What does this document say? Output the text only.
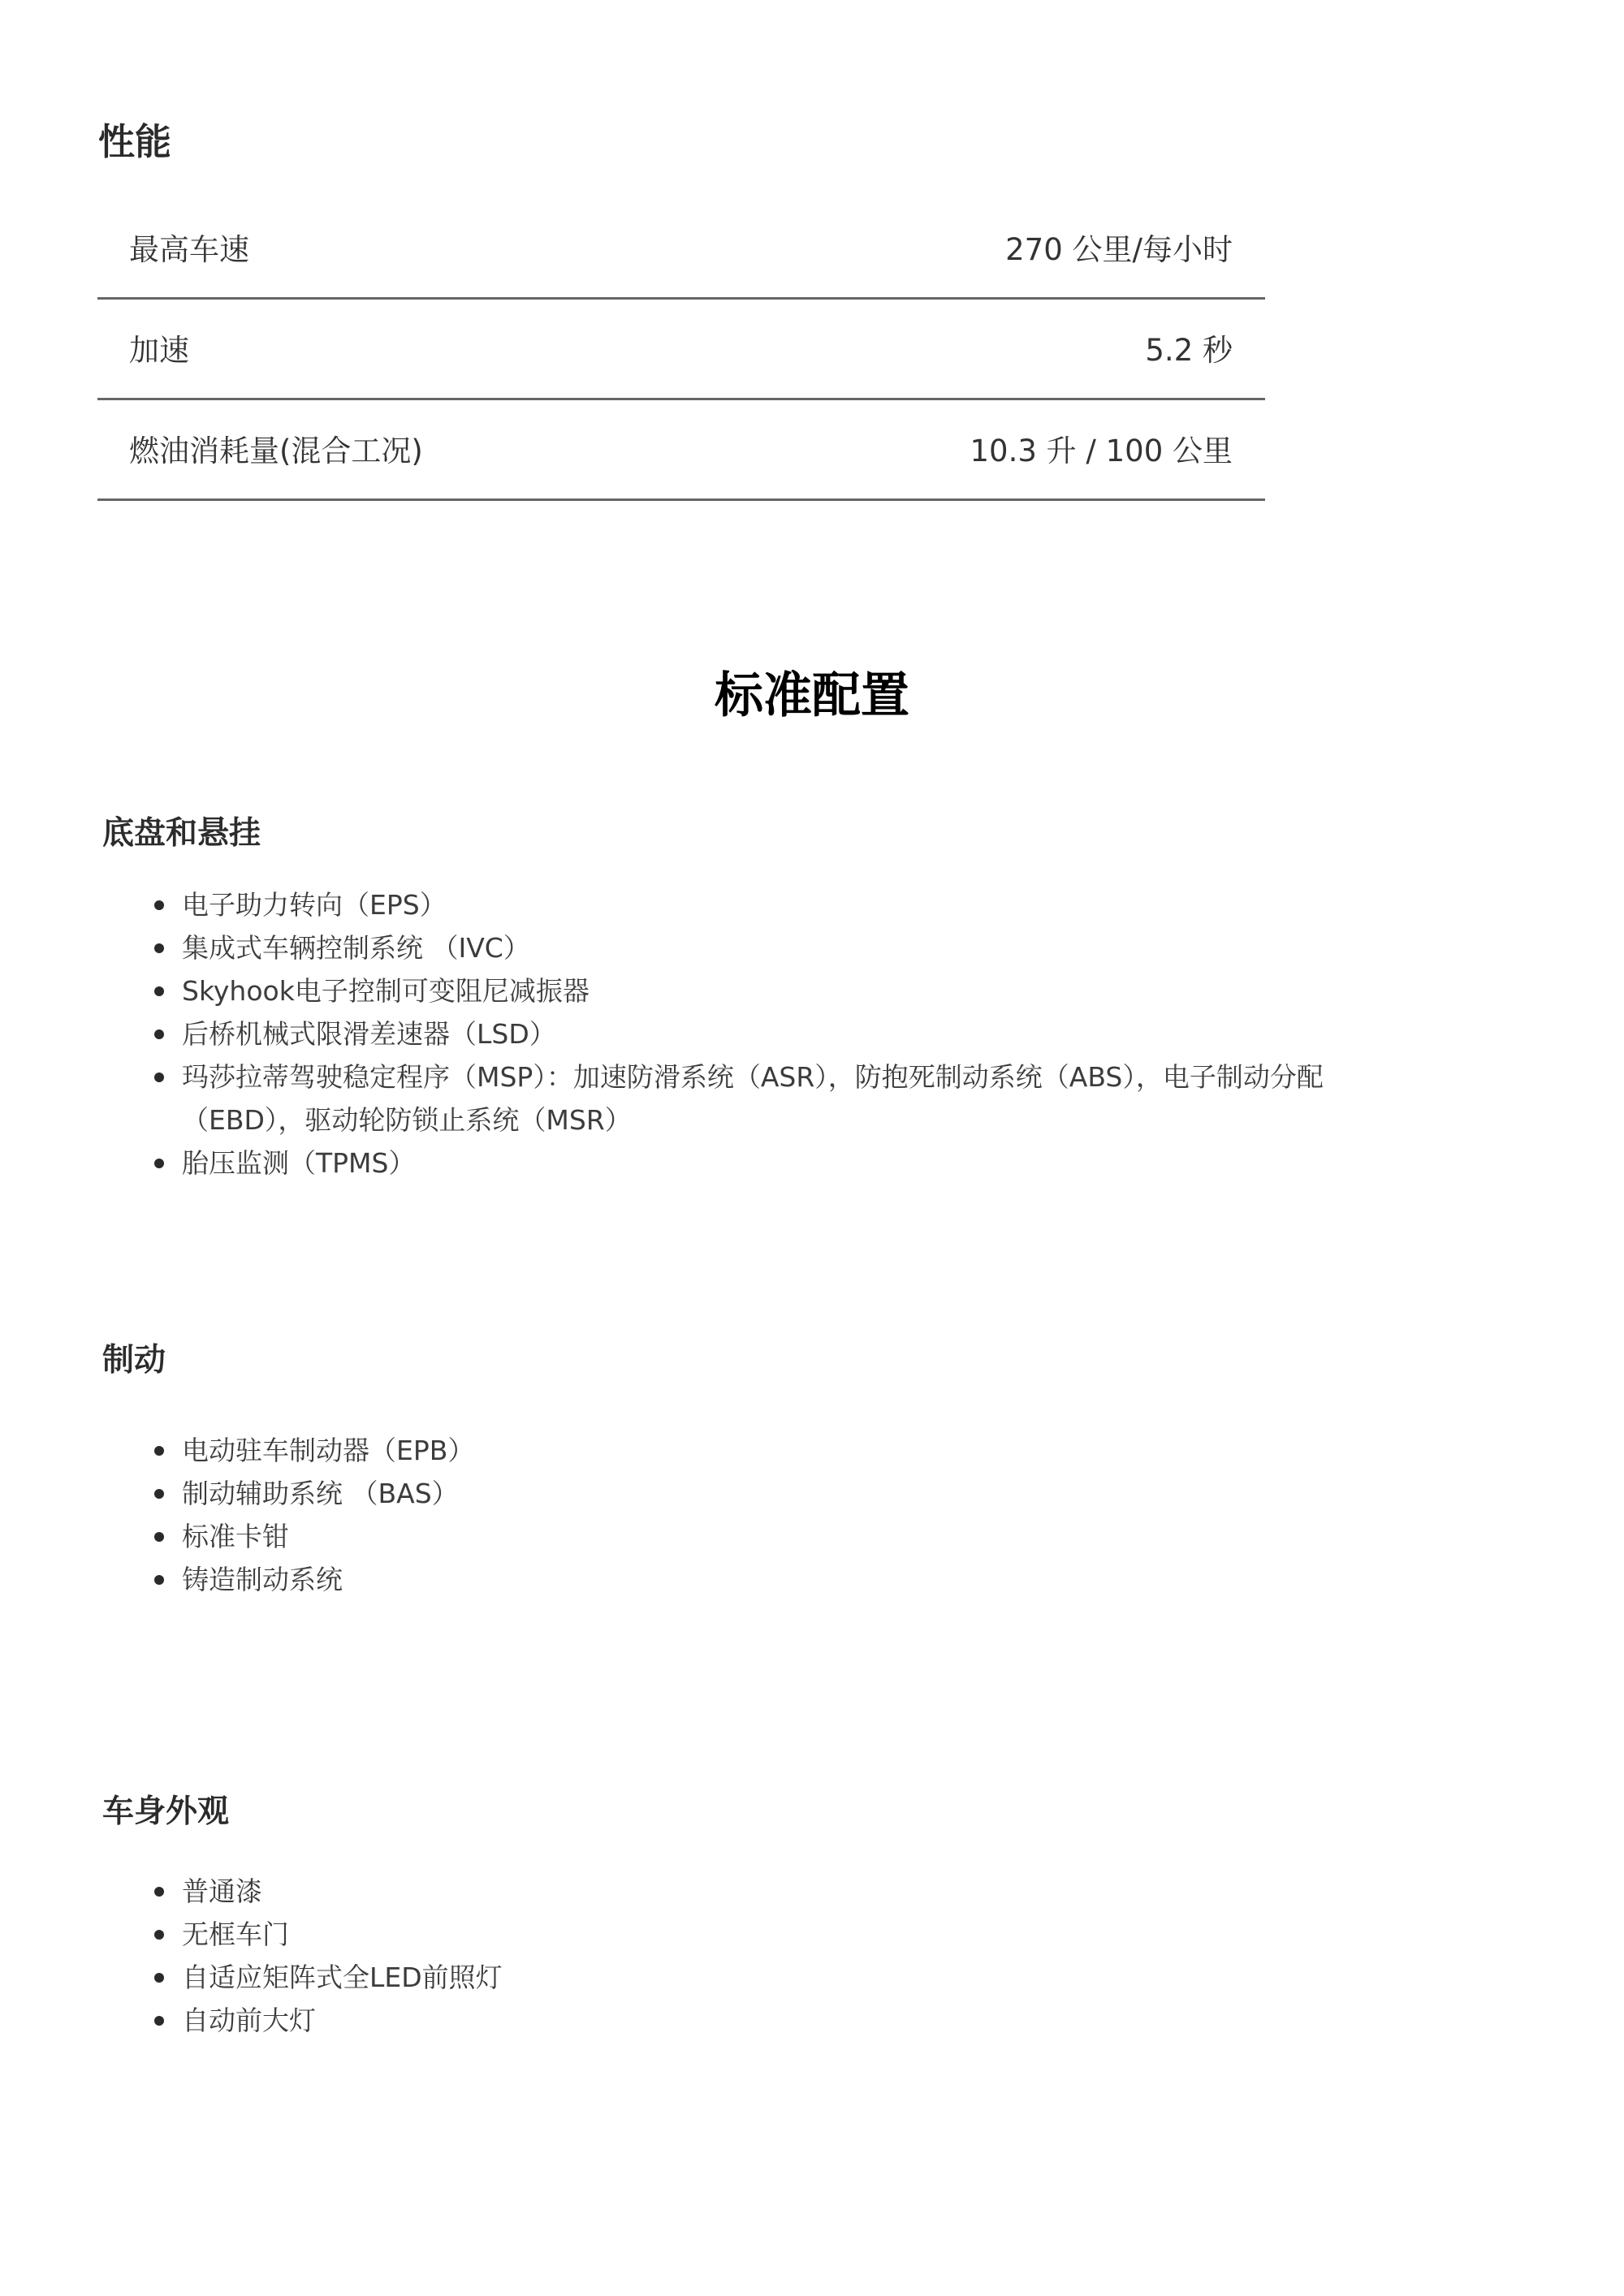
性能
最高车速	270 公里/每小时
加速	5.2 秒
燃油消耗量(混合工况)	10.3 升 / 100 公里
标准配置
底盘和悬挂
电子助力转向（EPS）
集成式车辆控制系统 （IVC）
Skyhook电子控制可变阻尼减振器
后桥机械式限滑差速器（LSD）
玛莎拉蒂驾驶稳定程序（MSP）：加速防滑系统（ASR），防抱死制动系统（ABS），电子制动分配（EBD），驱动轮防锁止系统（MSR）
胎压监测（TPMS）
制动
电动驻车制动器（EPB）
制动辅助系统 （BAS）
标准卡钳
铸造制动系统
车身外观
普通漆
无框车门
自适应矩阵式全LED前照灯
自动前大灯
